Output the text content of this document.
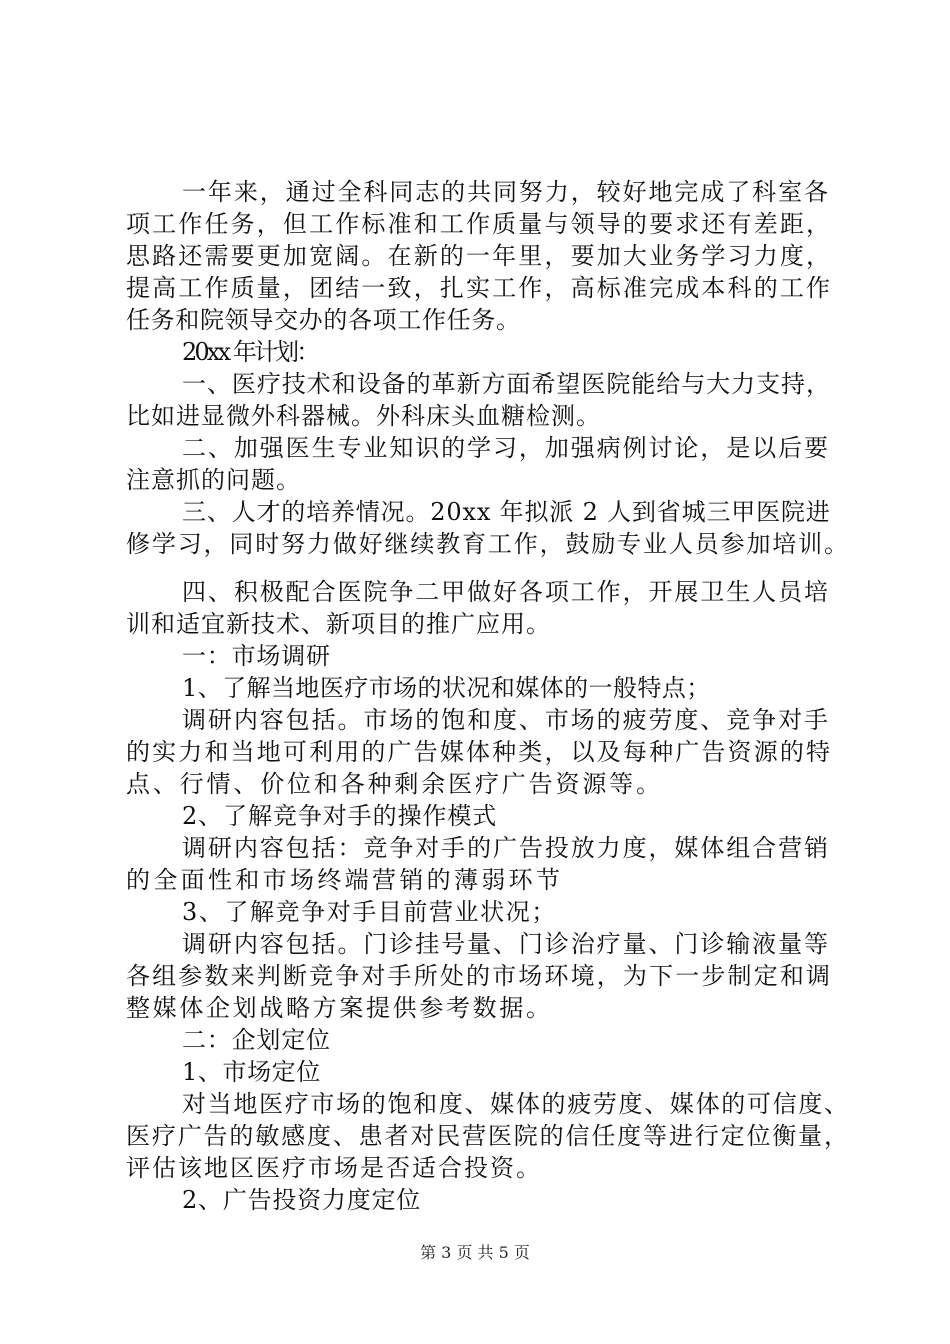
一年来，通过全科同志的共同努力，较好地完成了科室各
项工作任务，但工作标准和工作质量与领导的要求还有差距，
思路还需要更加宽阔。在新的一年里，要加大业务学习力度，
提高工作质量，团结一致，扎实工作，高标准完成本科的工作
任务和院领导交办的各项工作任务。
20xx 年计划：
一、医疗技术和设备的革新方面希望医院能给与大力支持，
比如进显微外科器械。外科床头血糖检测。
二、加强医生专业知识的学习，加强病例讨论，是以后要
注意抓的问题。
三、人才的培养情况。20xx 年拟派 2 人到省城三甲医院进
修学习，同时努力做好继续教育工作，鼓励专业人员参加培训。
四、积极配合医院争二甲做好各项工作，开展卫生人员培
训和适宜新技术、新项目的推广应用。
一：市场调研
1、了解当地医疗市场的状况和媒体的一般特点；
调研内容包括。市场的饱和度、市场的疲劳度、竞争对手
的实力和当地可利用的广告媒体种类，以及每种广告资源的特
点、行情、价位和各种剩余医疗广告资源等。
2、了解竞争对手的操作模式
调研内容包括：竞争对手的广告投放力度，媒体组合营销
的全面性和市场终端营销的薄弱环节
3、了解竞争对手目前营业状况；
调研内容包括。门诊挂号量、门诊治疗量、门诊输液量等
各组参数来判断竞争对手所处的市场环境，为下一步制定和调
整媒体企划战略方案提供参考数据。
二：企划定位
1、市场定位
对当地医疗市场的饱和度、媒体的疲劳度、媒体的可信度、
医疗广告的敏感度、患者对民营医院的信任度等进行定位衡量，
评估该地区医疗市场是否适合投资。
2、广告投资力度定位
第 3 页 共 5 页
